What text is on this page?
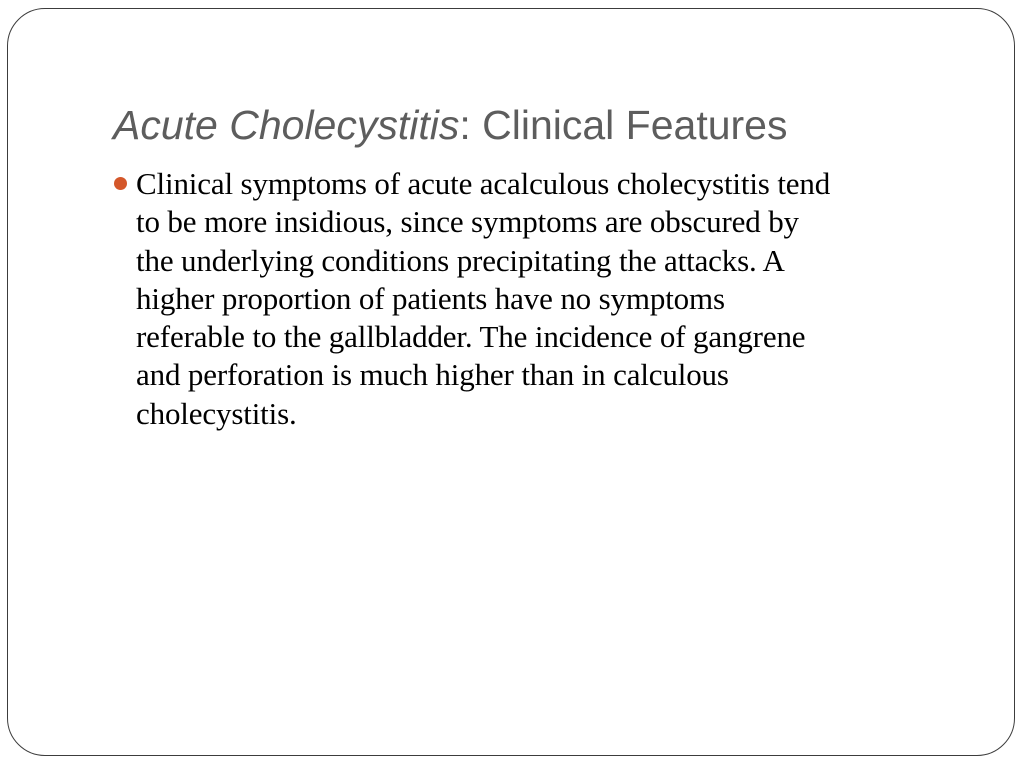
Acute Cholecystitis: Clinical Features
Clinical symptoms of acute acalculous cholecystitis tend
to be more insidious, since symptoms are obscured by
the underlying conditions precipitating the attacks. A
higher proportion of patients have no symptoms
referable to the gallbladder. The incidence of gangrene
and perforation is much higher than in calculous
cholecystitis.
